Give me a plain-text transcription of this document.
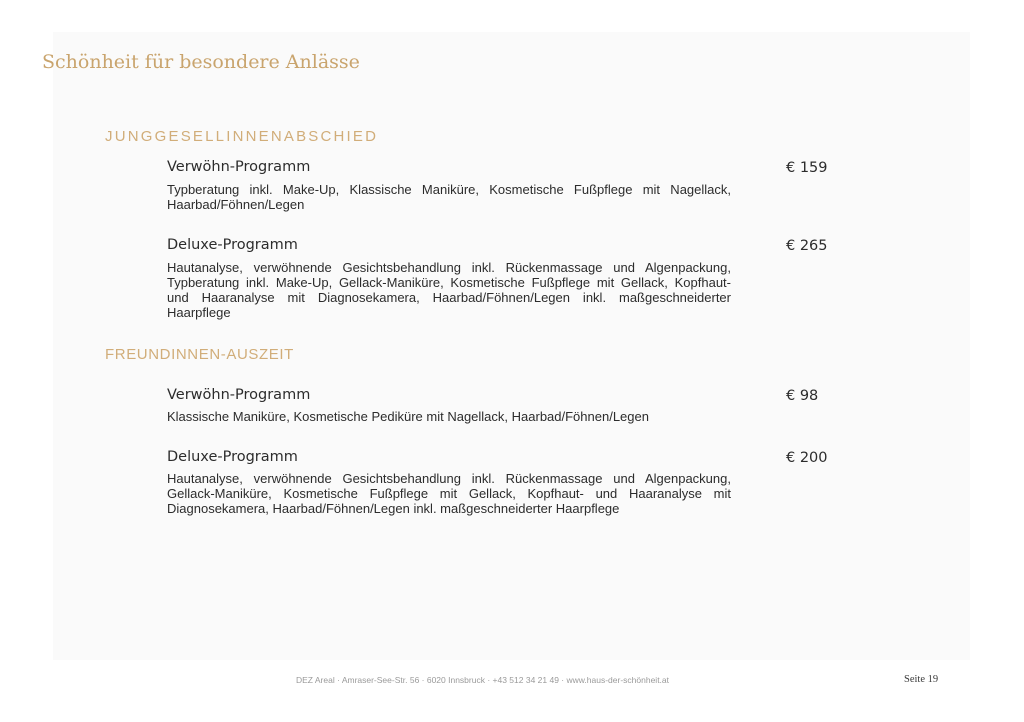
Schönheit für besondere Anlässe
JUNGGESELLINNENABSCHIED

Verwöhn-Programm	€ 159

Typberatung inkl. Make-Up, Klassische Maniküre, Kosmetische Fußpflege mit Nagellack, Haarbad/Föhnen/Legen

Deluxe-Programm	€ 265

Hautanalyse, verwöhnende Gesichtsbehandlung inkl. Rückenmassage und Algenpackung, Typberatung inkl. Make-Up, Gellack-Maniküre, Kosmetische Fußpflege mit Gellack, Kopfhaut- und Haaranalyse mit Diagnosekamera, Haarbad/Föhnen/Legen inkl. maßgeschneiderter Haarpflege

FREUNDINNEN-AUSZEIT

Verwöhn-Programm	€ 98

Klassische Maniküre, Kosmetische Pediküre mit Nagellack, Haarbad/Föhnen/Legen

Deluxe-Programm	€ 200

Hautanalyse, verwöhnende Gesichtsbehandlung inkl. Rückenmassage und Algenpackung, Gellack-Maniküre, Kosmetische Fußpflege mit Gellack, Kopfhaut- und Haaranalyse mit Diagnosekamera, Haarbad/Föhnen/Legen inkl. maßgeschneiderter Haarpflege

DEZ Areal · Amraser-See-Str. 56 · 6020 Innsbruck · +43 512 34 21 49 · www.haus-der-schönheit.at	Seite 19
